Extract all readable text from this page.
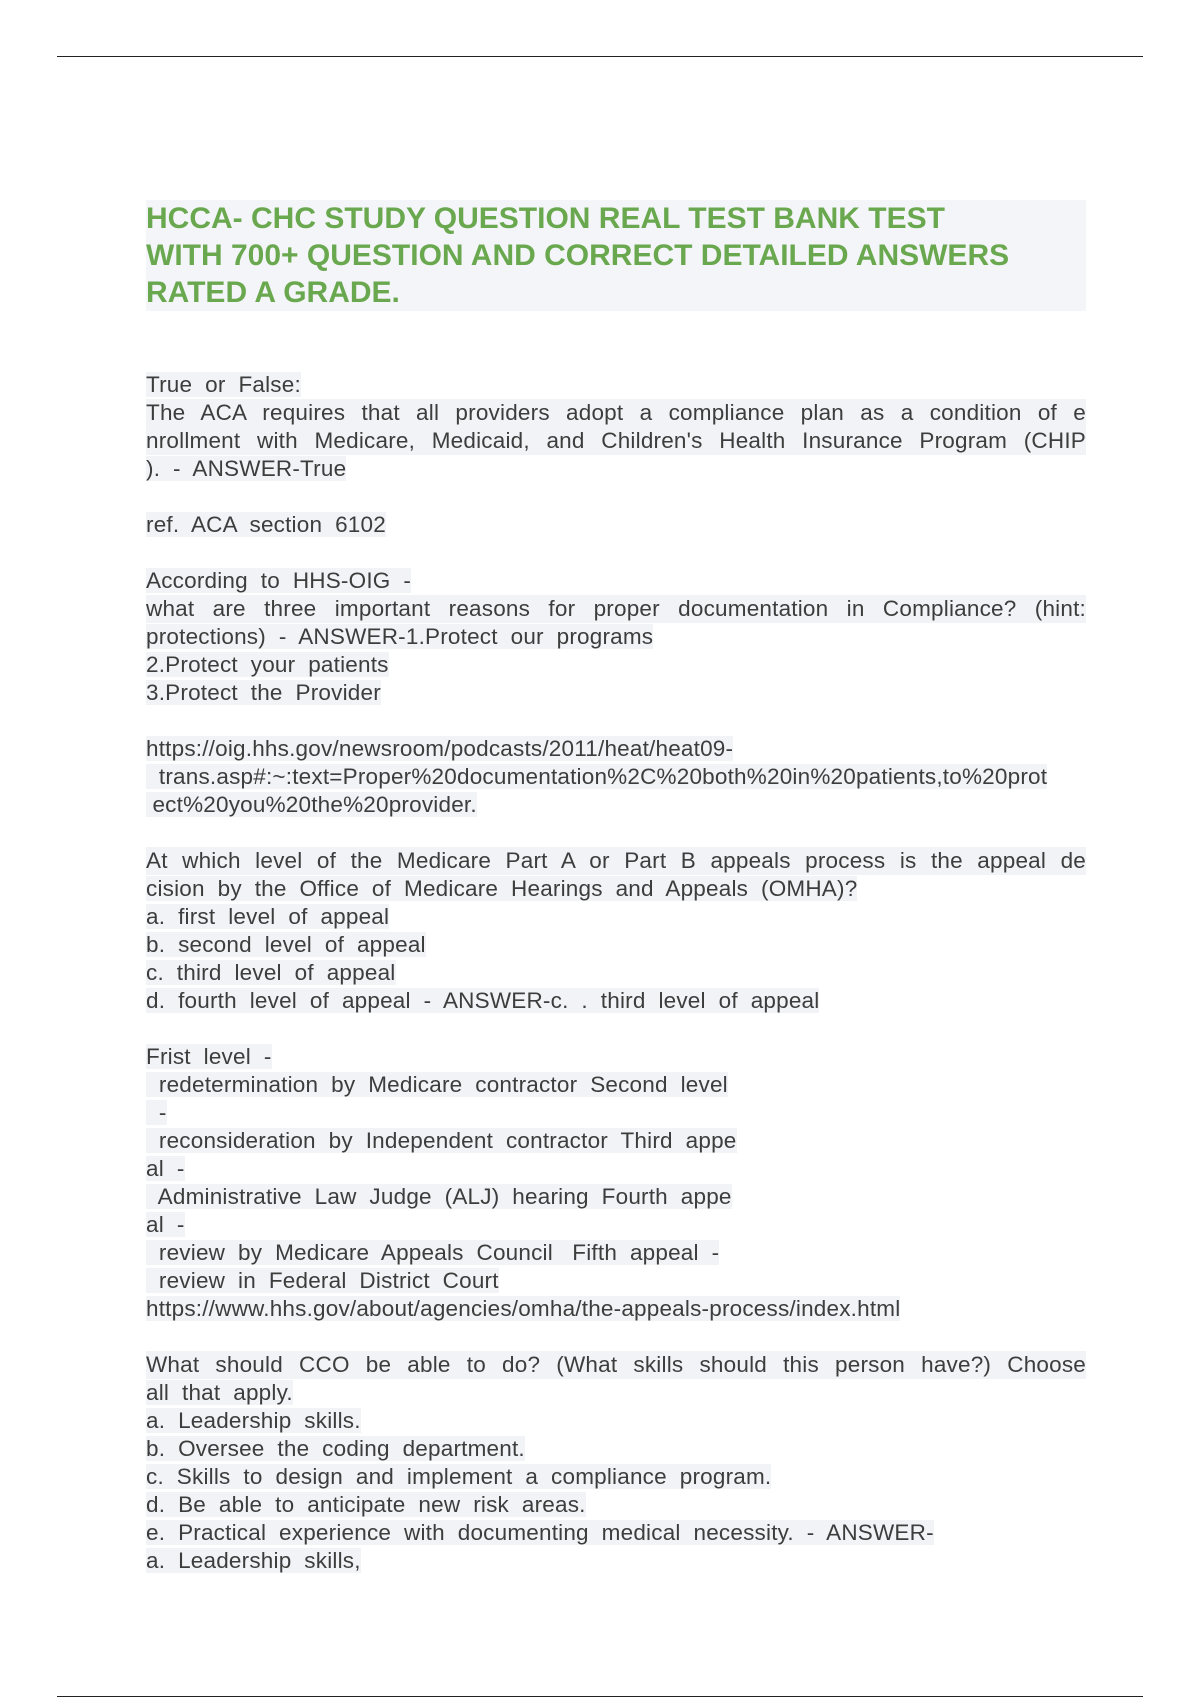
HCCA- CHC STUDY QUESTION REAL TEST BANK TEST
WITH 700+ QUESTION AND CORRECT DETAILED ANSWERS
RATED A GRADE.
True  or  False:
The ACA requires that all providers adopt a compliance plan as a condition of e
nrollment with Medicare, Medicaid, and Children's Health Insurance Program (CHIP
).  -  ANSWER-True
ref.  ACA  section  6102
According  to  HHS-OIG  -
what are three important reasons for proper documentation in Compliance? (hint:
protections)  -  ANSWER-1.Protect  our  programs
2.Protect  your  patients
3.Protect  the  Provider
https://oig.hhs.gov/newsroom/podcasts/2011/heat/heat09-
trans.asp#:~:text=Proper%20documentation%2C%20both%20in%20patients,to%20prot
ect%20you%20the%20provider.
At which level of the Medicare Part A or Part B appeals process is the appeal de
cision  by  the  Office  of  Medicare  Hearings  and  Appeals  (OMHA)?
a.  first  level  of  appeal
b.  second  level  of  appeal
c.  third  level  of  appeal
d.  fourth  level  of  appeal  -  ANSWER-c.  .  third  level  of  appeal
Frist  level  -
redetermination  by  Medicare  contractor  Second  level
-
reconsideration  by  Independent  contractor  Third  appe
al  -
Administrative  Law  Judge  (ALJ)  hearing  Fourth  appe
al  -
review  by  Medicare  Appeals  Council   Fifth  appeal  -
review  in  Federal  District  Court
https://www.hhs.gov/about/agencies/omha/the-appeals-process/index.html
What should CCO be able to do? (What skills should this person have?) Choose
all  that  apply.
a.  Leadership  skills.
b.  Oversee  the  coding  department.
c.  Skills  to  design  and  implement  a  compliance  program.
d.  Be  able  to  anticipate  new  risk  areas.
e.  Practical  experience  with  documenting  medical  necessity.  -  ANSWER-
a.  Leadership  skills,
